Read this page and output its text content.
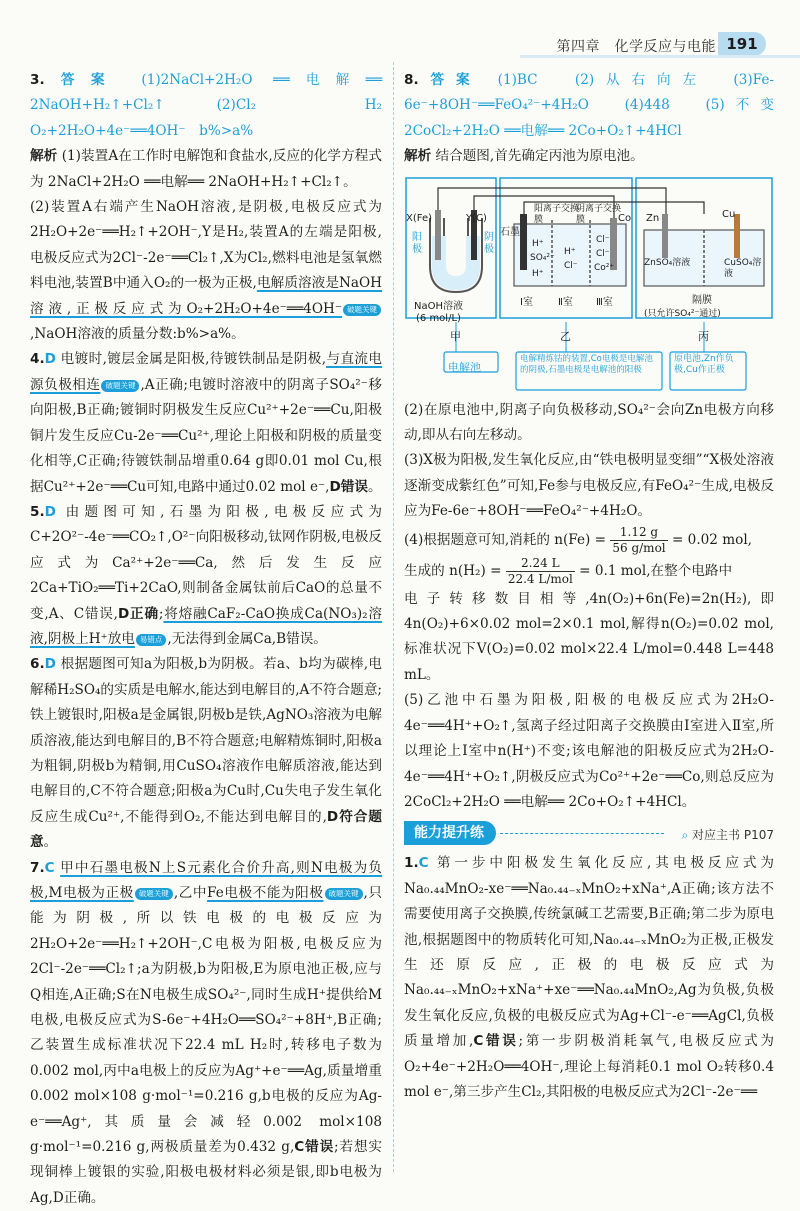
第四章　化学反应与电能 191

3.答案 (1)2NaCl+2H₂O ══电解══ 2NaOH+H₂↑+Cl₂↑	(2)Cl₂　H₂　O₂+2H₂O+4e⁻══4OH⁻　b%>a%

解析 (1)装置A在工作时电解饱和食盐水,反应的化学方程式为 2NaCl+2H₂O ══电解══ 2NaOH+H₂↑+Cl₂↑。

(2)装置A右端产生NaOH溶液,是阴极,电极反应式为2H₂O+2e⁻══H₂↑+2OH⁻,Y是H₂,装置A的左端是阳极,电极反应式为2Cl⁻-2e⁻══Cl₂↑,X为Cl₂,燃料电池是氢氧燃料电池,装置B中通入O₂的一极为正极,电解质溶液是NaOH溶液,正极反应式为O₂+2H₂O+4e⁻══4OH⁻ 破题关键,NaOH溶液的质量分数:b%>a%。

4.D 电镀时,镀层金属是阳极,待镀铁制品是阴极,与直流电源负极相连 破题关键 ,A正确;电镀时溶液中的阴离子SO₄²⁻移向阳极,B正确;镀铜时阴极发生反应Cu²⁺+2e⁻══Cu,阳极铜片发生反应Cu-2e⁻══Cu²⁺,理论上阳极和阴极的质量变化相等,C正确;待镀铁制品增重0.64 g即0.01 mol Cu,根据Cu²⁺+2e⁻══Cu可知,电路中通过0.02 mol e⁻,D错误。

5.D 由题图可知,石墨为阳极,电极反应式为C+2O²⁻-4e⁻══CO₂↑,O²⁻向阳极移动,钛网作阴极,电极反应式为Ca²⁺+2e⁻══Ca,然后发生反应2Ca+TiO₂══Ti+2CaO,则制备金属钛前后CaO的总量不变,A、C错误,D正确;将熔融CaF₂-CaO换成Ca(NO₃)₂溶液,阴极上H⁺放电 易错点 ,无法得到金属Ca,B错误。

6.D 根据题图可知a为阳极,b为阴极。若a、b均为碳棒,电解稀H₂SO₄的实质是电解水,能达到电解目的,A不符合题意;铁上镀银时,阳极a是金属银,阴极b是铁,AgNO₃溶液为电解质溶液,能达到电解目的,B不符合题意;电解精炼铜时,阳极a为粗铜,阴极b为精铜,用CuSO₄溶液作电解质溶液,能达到电解目的,C不符合题意;阳极a为Cu时,Cu失电子发生氧化反应生成Cu²⁺,不能得到O₂,不能达到电解目的,D符合题意。

7.C 甲中石墨电极N上S元素化合价升高,则N电极为负极,M电极为正极 破题关键 ,乙中Fe电极不能为阳极 破题关键 ,只能为阴极,所以铁电极的电极反应为2H₂O+2e⁻══H₂↑+2OH⁻,C电极为阳极,电极反应为2Cl⁻-2e⁻══Cl₂↑;a为阴极,b为阳极,E为原电池正极,应与Q相连,A正确;S在N电极生成SO₄²⁻,同时生成H⁺提供给M电极,电极反应式为S-6e⁻+4H₂O══SO₄²⁻+8H⁺,B正确;乙装置生成标准状况下22.4 mL H₂时,转移电子数为0.002 mol,丙中a电极上的反应为Ag⁺+e⁻══Ag,质量增重0.002 mol×108 g·mol⁻¹=0.216 g,b电极的反应为Ag-e⁻══Ag⁺,其质量会减轻0.002 mol×108 g·mol⁻¹=0.216 g,两极质量差为0.432 g,C错误;若想实现铜棒上镀银的实验,阳极电极材料必须是银,即b电极为Ag,D正确。

8.答案 (1)BC　(2)从右向左　(3)Fe-6e⁻+8OH⁻══FeO₄²⁻+4H₂O　(4)448　(5)不变　2CoCl₂+2H₂O ══电解══ 2Co+O₂↑+4HCl

解析 结合题图,首先确定丙池为原电池。

X(Fe)	Y(C)
阳极
阴极
NaOH溶液
(6 mol/L)
甲
石墨
阳离子交换膜
阴离子交换膜	Co
H⁺
SO₄²⁻
H⁺
H⁺
Cl⁻
Cl⁻
Cl⁻
Co²⁺
Ⅰ室	Ⅱ室 Ⅲ室
乙
Zn	Cu
ZnSO₄溶液	CuSO₄溶液
隔膜
(只允许SO₄²⁻通过)
丙
电解池
电解精炼钴的装置,Co电极是电解池的阴极,石墨电极是电解池的阳极
原电池,Zn作负极,Cu作正极

(2)在原电池中,阴离子向负极移动,SO₄²⁻会向Zn电极方向移动,即从右向左移动。

(3)X极为阳极,发生氧化反应,由“铁电极明显变细”“X极处溶液逐渐变成紫红色”可知,Fe参与电极反应,有FeO₄²⁻生成,电极反应为Fe-6e⁻+8OH⁻══FeO₄²⁻+4H₂O。

(4)根据题意可知,消耗的 n(Fe) = 1.12 g
56 g/mol = 0.02 mol,

生成的 n(H₂) =	2.24 L
22.4 L/mol = 0.1 mol,在整个电路中

电子转移数目相等,4n(O₂)+6n(Fe)=2n(H₂),即4n(O₂)+6×0.02 mol=2×0.1 mol,解得n(O₂)=0.02 mol,标准状况下V(O₂)=0.02 mol×22.4 L/mol=0.448 L=448 mL。

(5)乙池中石墨为阳极,阳极的电极反应式为2H₂O-4e⁻══4H⁺+O₂↑,氢离子经过阳离子交换膜由Ⅰ室进入Ⅱ室,所以理论上Ⅰ室中n(H⁺)不变;该电解池的阳极反应式为2H₂O-4e⁻══4H⁺+O₂↑,阴极反应式为Co²⁺+2e⁻══Co,则总反应为2CoCl₂+2H₂O ══电解══ 2Co+O₂↑+4HCl。

能力提升练	⌕ 对应主书 P107

1.C 第一步中阳极发生氧化反应,其电极反应式为Na₀.₄₄MnO₂-xe⁻══Na₀.₄₄₋ₓMnO₂+xNa⁺,A正确;该方法不需要使用离子交换膜,传统氯碱工艺需要,B正确;第二步为原电池,根据题图中的物质转化可知,Na₀.₄₄₋ₓMnO₂为正极,正极发生还原反应,正极的电极反应式为Na₀.₄₄₋ₓMnO₂+xNa⁺+xe⁻══Na₀.₄₄MnO₂,Ag为负极,负极发生氧化反应,负极的电极反应式为Ag+Cl⁻-e⁻══AgCl,负极质量增加,C错误;第一步阴极消耗氧气,电极反应式为O₂+4e⁻+2H₂O══4OH⁻,理论上每消耗0.1 mol O₂转移0.4 mol e⁻,第三步产生Cl₂,其阳极的电极反应式为2Cl⁻-2e⁻══
